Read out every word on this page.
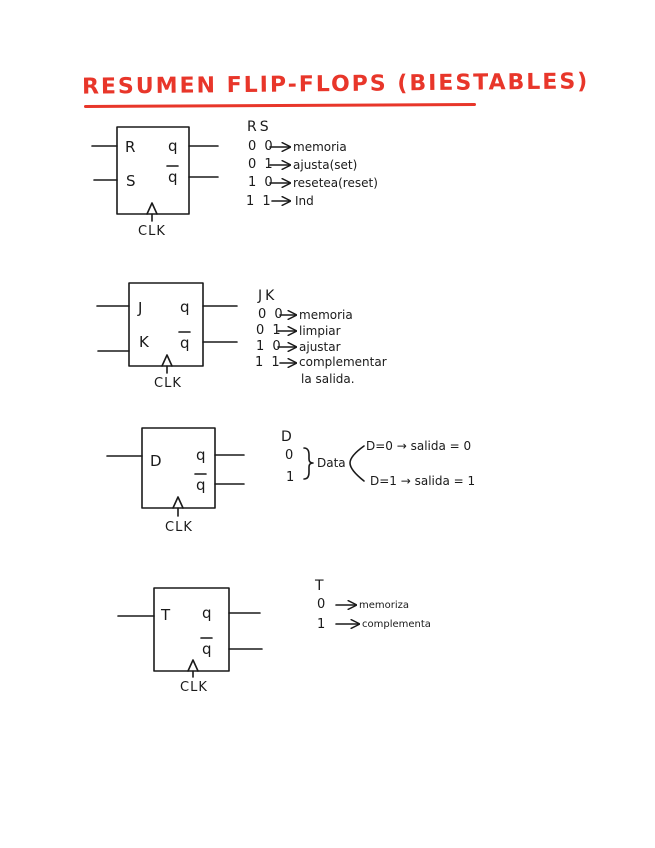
RESUMEN FLIP-FLOPS (BIESTABLES)
R
S
q
q
CLK
RS
0 0 memoria
0 1 ajusta(set)
1 0 resetea(reset)
1 1 Ind
J
K
q
q
CLK
JK
0 0 memoria
0 1 limpiar
1 0 ajustar
1 1 complementar
la salida.
D q
q
CLK
D
0
1
Data
D=0 → salida = 0
D=1 → salida = 1
T q
q
CLK
T
0	memoriza
1	complementa
